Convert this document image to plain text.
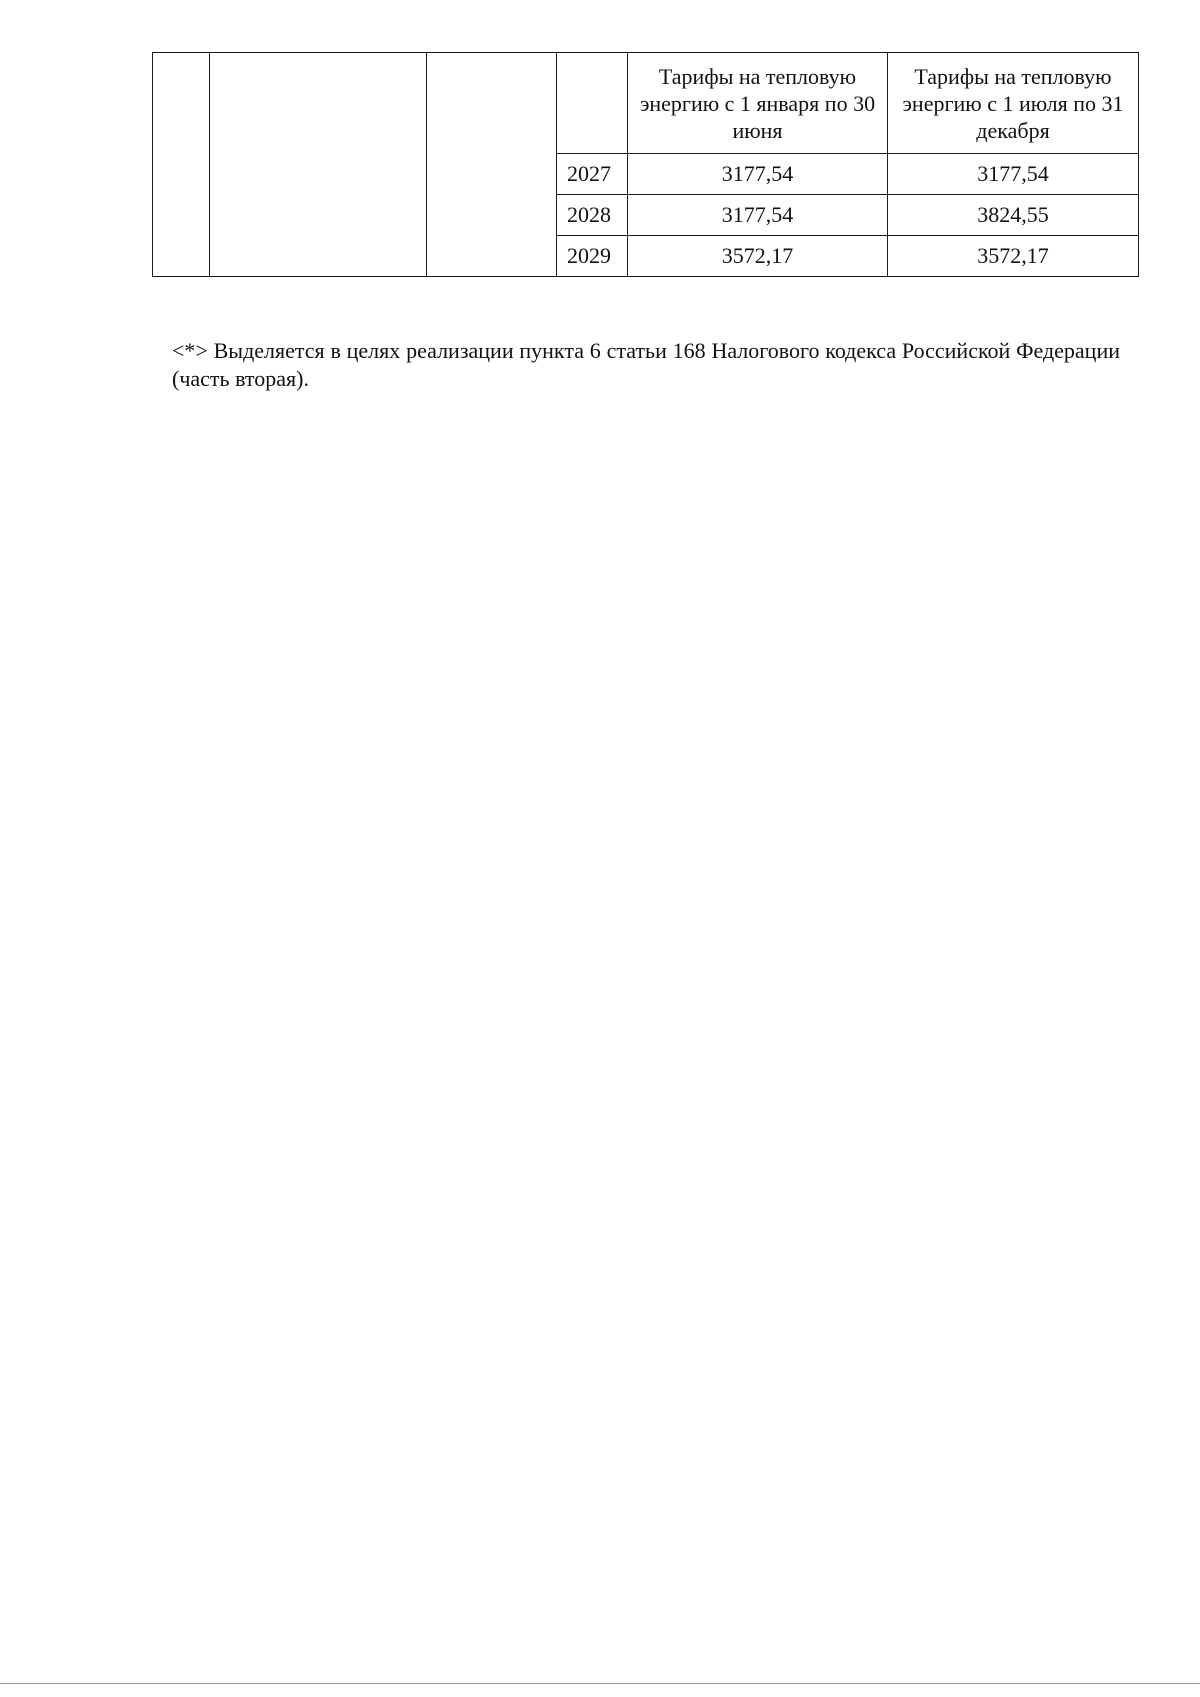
				Тарифы на тепловую энергию с 1 января по 30 июня	Тарифы на тепловую энергию с 1 июля по 31 декабря
			2027	3177,54	3177,54
			2028	3177,54	3824,55
			2029	3572,17	3572,17

<*> Выделяется в целях реализации пункта 6 статьи 168 Налогового кодекса Российской Федерации (часть вторая).
